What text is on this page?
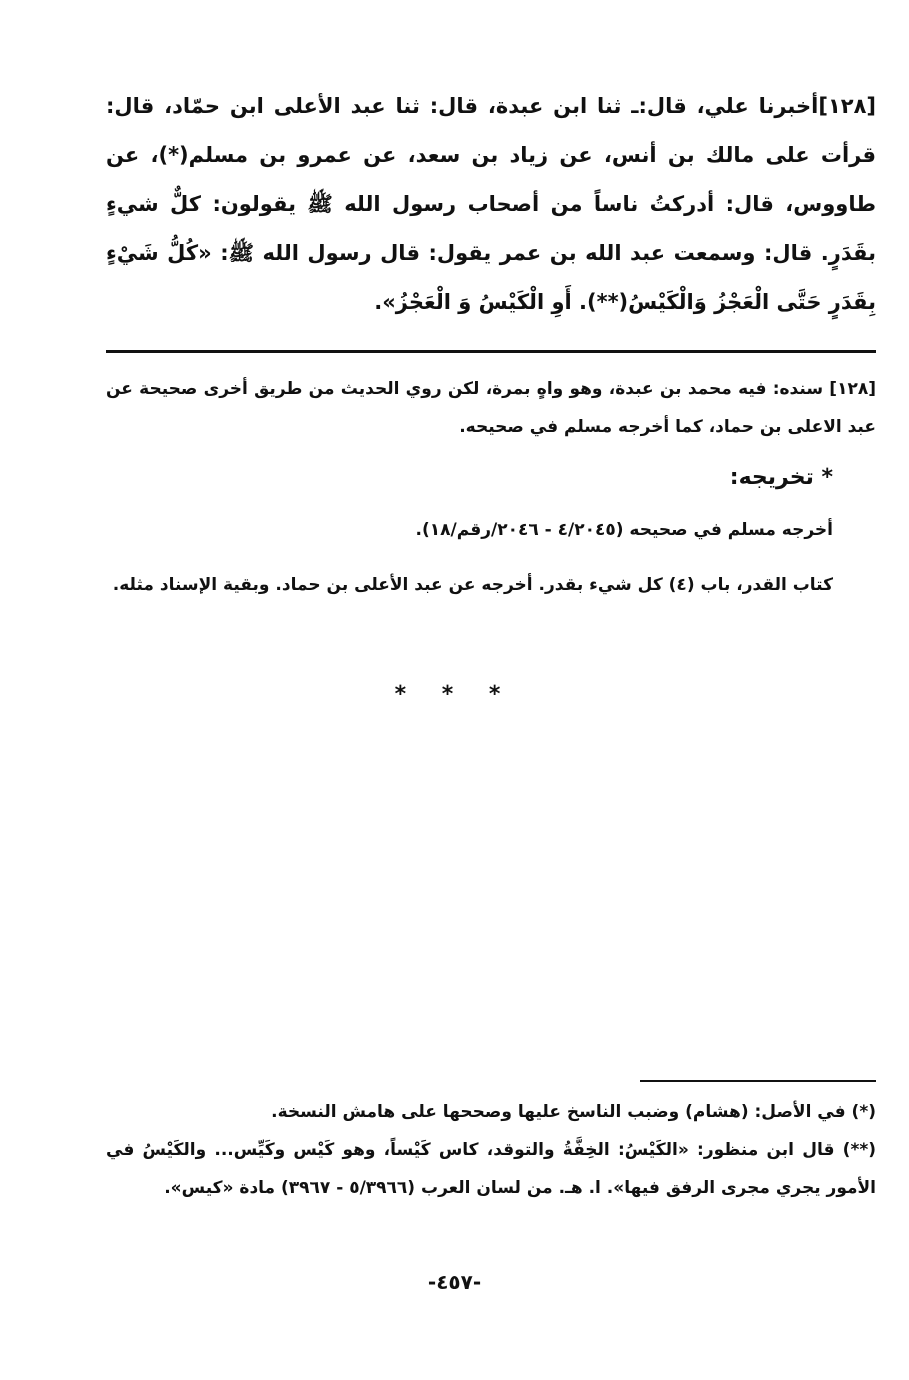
[١٢٨]أخبرنا علي، قال:ـ ثنا ابن عبدة، قال: ثنا عبد الأعلى ابن حمّاد، قال: قرأت على مالك بن أنس، عن زياد بن سعد، عن عمرو بن مسلم(*)، عن طاووس، قال: أدركتُ ناساً من أصحاب رسول الله ﷺ يقولون: كلٌّ شيءٍ بقَدَرٍ. قال: وسمعت عبد الله بن عمر يقول: قال رسول الله ﷺ: «كُلُّ شَيْءٍ بِقَدَرٍ حَتَّى الْعَجْزُ وَالْكَيْسُ(**). أَوِ الْكَيْسُ وَ الْعَجْزُ».

[١٢٨] سنده: فيه محمد بن عبدة، وهو واهٍ بمرة، لكن روي الحديث من طريق أخرى صحيحة عن عبد الاعلى بن حماد، كما أخرجه مسلم في صحيحه.

* تخريجه:
أخرجه مسلم في صحيحه (٤/٢٠٤٥ - ٢٠٤٦/رقم/١٨).
كتاب القدر، باب (٤) كل شيء بقدر. أخرجه عن عبد الأعلى بن حماد. وبقية الإسناد مثله.
* * *

(*) في الأصل: (هشام) وضبب الناسخ عليها وصححها على هامش النسخة.

(**) قال ابن منظور: «الكَيْسُ: الخِفَّةُ والتوقد، كاس كَيْساً، وهو كَيْس وكَيِّس... والكَيْسُ في الأمور يجري مجرى الرفق فيها». ا. هـ. من لسان العرب (٥/٣٩٦٦ - ٣٩٦٧) مادة «كيس».

-٤٥٧-
